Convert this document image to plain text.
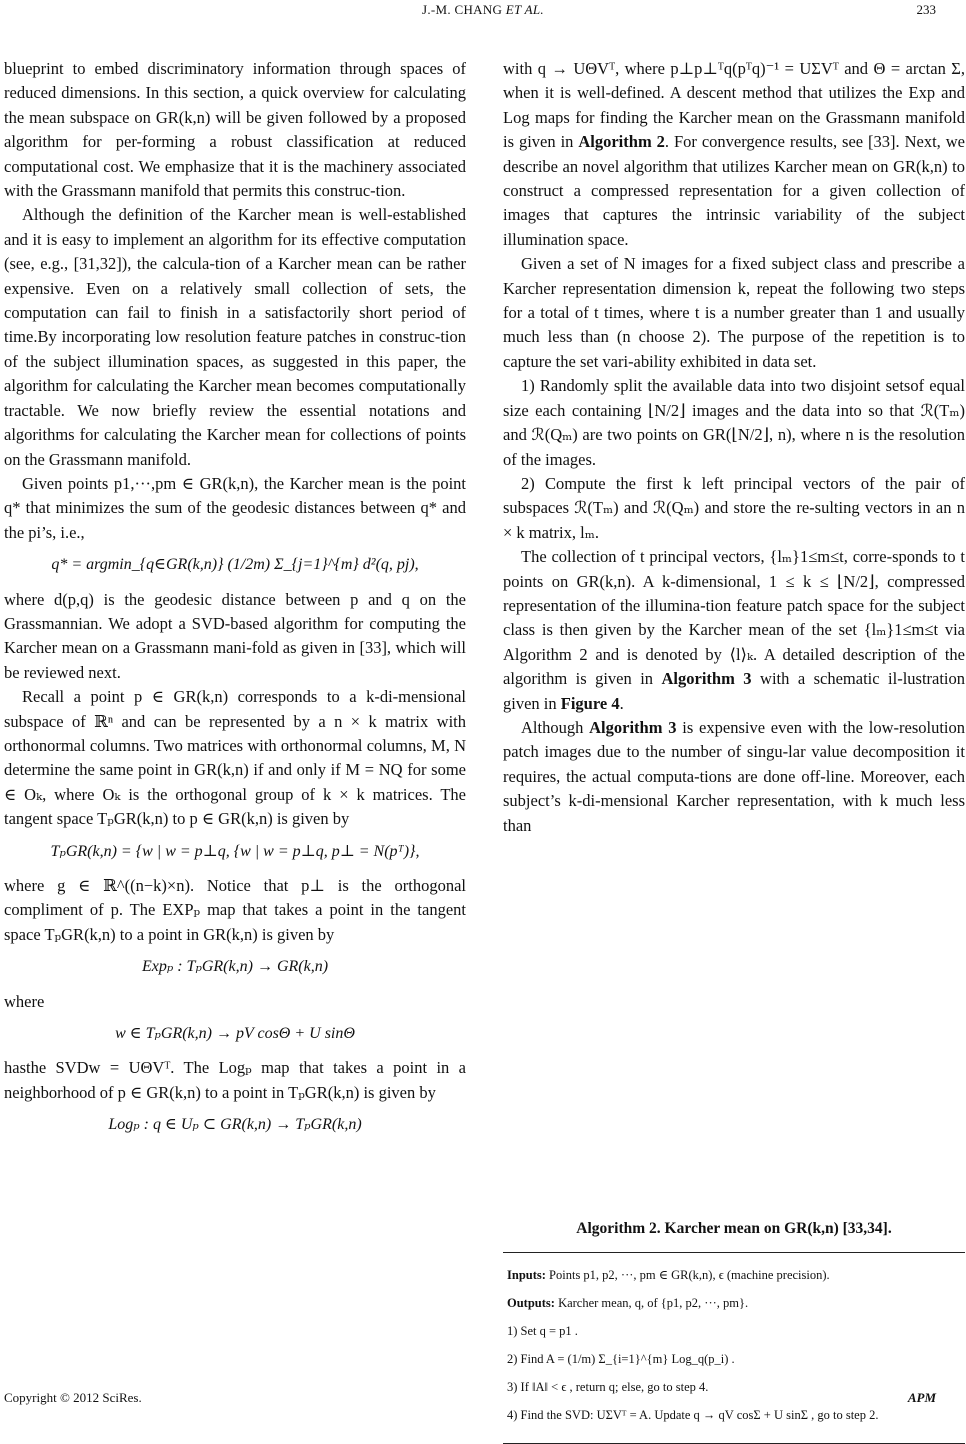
J.-M. CHANG ET AL.	233

blueprint to embed discriminatory information through spaces of reduced dimensions. In this section, a quick overview for calculating the mean subspace on GR(k,n) will be given followed by a proposed algorithm for per-forming a robust classification at reduced computational cost. We emphasize that it is the machinery associated with the Grassmann manifold that permits this construc-tion.

Although the definition of the Karcher mean is well-established and it is easy to implement an algorithm for its effective computation (see, e.g., [31,32]), the calcula-tion of a Karcher mean can be rather expensive. Even on a relatively small collection of sets, the computation can fail to finish in a satisfactorily short period of time.By incorporating low resolution feature patches in construc-tion of the subject illumination spaces, as suggested in this paper, the algorithm for calculating the Karcher mean becomes computationally tractable. We now briefly review the essential notations and algorithms for calculating the Karcher mean for collections of points on the Grassmann manifold.

Given points p1,···,pm ∈ GR(k,n), the Karcher mean is the point q* that minimizes the sum of the geodesic distances between q* and the pi’s, i.e.,

q* = argmin_{q∈GR(k,n)} (1/2m) Σ_{j=1}^{m} d²(q, pj),

where d(p,q) is the geodesic distance between p and q on the Grassmannian. We adopt a SVD-based algorithm for computing the Karcher mean on a Grassmann mani-fold as given in [33], which will be reviewed next.

Recall a point p ∈ GR(k,n) corresponds to a k-di-mensional subspace of ℝⁿ and can be represented by a n × k matrix with orthonormal columns. Two matrices with orthonormal columns, M, N determine the same point in GR(k,n) if and only if M = NQ for some ∈ Oₖ, where Oₖ is the orthogonal group of k × k matrices. The tangent space TₚGR(k,n) to p ∈ GR(k,n) is given by

TₚGR(k,n) = {w | w = p⊥q, {w | w = p⊥q, p⊥ = N(pᵀ)},

where g ∈ ℝ^((n−k)×n). Notice that p⊥ is the orthogonal compliment of p. The EXPₚ map that takes a point in the tangent space TₚGR(k,n) to a point in GR(k,n) is given by

Expₚ : TₚGR(k,n) → GR(k,n)

where

w ∈ TₚGR(k,n) → pV cosΘ + U sinΘ

hasthe SVDw = UΘVᵀ. The Logₚ map that takes a point in a neighborhood of p ∈ GR(k,n) to a point in TₚGR(k,n) is given by

Logₚ : q ∈ Uₚ ⊂ GR(k,n) → TₚGR(k,n)

with q → UΘVᵀ, where p⊥p⊥ᵀq(pᵀq)⁻¹ = UΣVᵀ and Θ = arctan Σ, when it is well-defined. A descent method that utilizes the Exp and Log maps for finding the Karcher mean on the Grassmann manifold is given in Algorithm 2. For convergence results, see [33]. Next, we describe an novel algorithm that utilizes Karcher mean on GR(k,n) to construct a compressed representation for a given collection of images that captures the intrinsic variability of the subject illumination space.

Given a set of N images for a fixed subject class and prescribe a Karcher representation dimension k, repeat the following two steps for a total of t times, where t is a number greater than 1 and usually much less than (n choose 2). The purpose of the repetition is to capture the set vari-ability exhibited in data set.

1) Randomly split the available data into two disjoint setsof equal size each containing ⌊N/2⌋ images and the data into so that ℛ(Tₘ) and ℛ(Qₘ) are two points on GR(⌊N/2⌋, n), where n is the resolution of the images.

2) Compute the first k left principal vectors of the pair of subspaces ℛ(Tₘ) and ℛ(Qₘ) and store the re-sulting vectors in an n × k matrix, lₘ.

The collection of t principal vectors, {lₘ}1≤m≤t, corre-sponds to t points on GR(k,n). A k-dimensional, 1 ≤ k ≤ ⌊N/2⌋, compressed representation of the illumina-tion feature patch space for the subject class is then given by the Karcher mean of the set {lₘ}1≤m≤t via Algorithm 2 and is denoted by ⟨l⟩ₖ. A detailed description of the algorithm is given in Algorithm 3 with a schematic il-lustration given in Figure 4.

Although Algorithm 3 is expensive even with the low-resolution patch images due to the number of singu-lar value decomposition it requires, the actual computa-tions are done off-line. Moreover, each subject’s k-di-mensional Karcher representation, with k much less than

Algorithm 2. Karcher mean on GR(k,n) [33,34].

Inputs: Points p1, p2, ···, pm ∈ GR(k,n), ϵ (machine precision).

Outputs: Karcher mean, q, of {p1, p2, ···, pm}.

1) Set q = p1 .

2) Find A = (1/m) Σ_{i=1}^{m} Log_q(p_i) .

3) If ‖A‖ < ϵ , return q; else, go to step 4.

4) Find the SVD: UΣVᵀ = A. Update q → qV cosΣ + U sinΣ , go to step 2.

Copyright © 2012 SciRes.	APM
